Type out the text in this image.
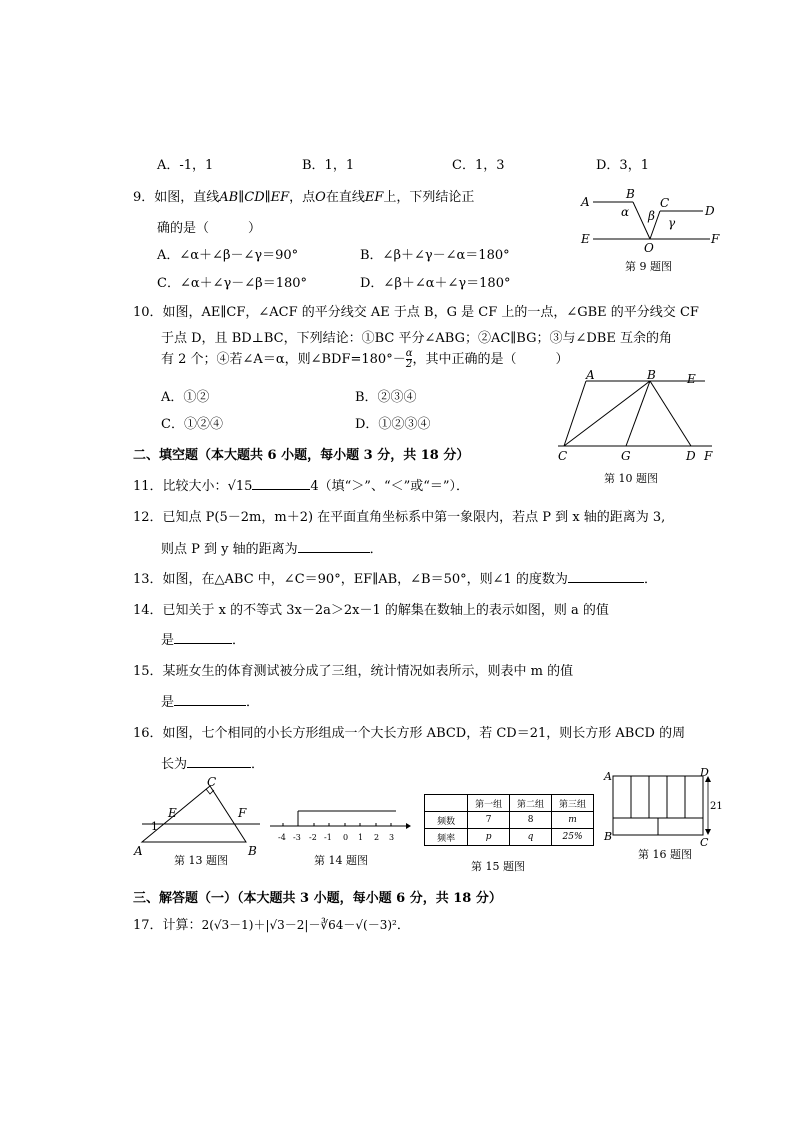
A．-1，1	B．1，1	C．1，3	D．3，1
9．如图，直线AB∥CD∥EF，点O在直线EF上，下列结论正
确的是（　　　）
A．∠α＋∠β－∠γ＝90°	B．∠β＋∠γ－∠α＝180°
C．∠α＋∠γ－∠β＝180°	D．∠β＋∠α＋∠γ＝180°
A
B
C
D
E	F
O
α β γ
第 9 题图
10．如图，AE∥CF，∠ACF 的平分线交 AE 于点 B，G 是 CF 上的一点，∠GBE 的平分线交 CF
于点 D，且 BD⊥BC，下列结论：①BC 平分∠ABG；②AC∥BG；③与∠DBE 互余的角
有 2 个；④若∠A＝α，则∠BDF=180°－ $\frac{\alpha}{2}$ ，其中正确的是（　　　）
A．①②	B．②③④
C．①②④	D．①②③④
A	B	E
C	G	D F
第 10 题图
二、填空题（本大题共 6 小题，每小题 3 分，共 18 分）
11．比较大小：√15	4（填“＞”、“＜”或“＝”）．
12．已知点 P(5－2m，m＋2) 在平面直角坐标系中第一象限内，若点 P 到 x 轴的距离为 3,
则点 P 到 y 轴的距离为	．
13．如图，在△ABC 中，∠C＝90°，EF∥AB，∠B＝50°，则∠1 的度数为	．
14．已知关于 x 的不等式 3x－2a＞2x－1 的解集在数轴上的表示如图，则 a 的值
是	．
15．某班女生的体育测试被分成了三组，统计情况如表所示，则表中 m 的值
是	．
16．如图，七个相同的小长方形组成一个大长方形 ABCD，若 CD＝21，则长方形 ABCD 的周
长为	．
C
E	F
1
A	B
第 13 题图
-4 -3 -2 -1 0 1 2 3
第 14 题图
	第一组	第二组	第三组
频数	7	8	m
频率	p	q	25%
第 15 题图
A	D
B	C
21
第 16 题图
三、解答题（一）（本大题共 3 小题，每小题 6 分，共 18 分）
17．计算：2(√3－1)＋|√3－2|－∛64－√(－3)²．
